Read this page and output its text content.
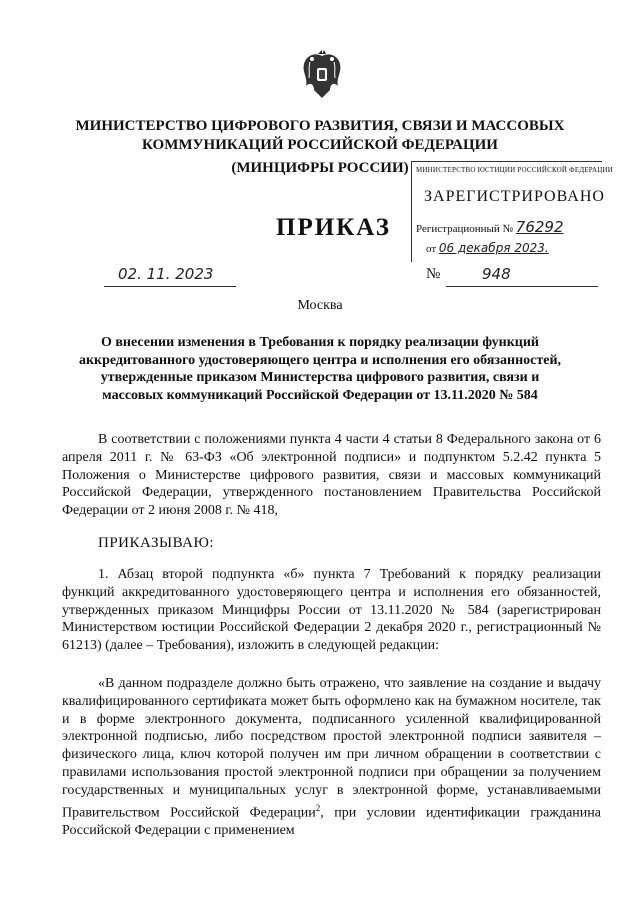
МИНИСТЕРСТВО ЦИФРОВОГО РАЗВИТИЯ, СВЯЗИ И МАССОВЫХ
КОММУНИКАЦИЙ РОССИЙСКОЙ ФЕДЕРАЦИИ
(МИНЦИФРЫ РОССИИ)	МИНИСТЕРСТВО ЮСТИЦИИ РОССИЙСКОЙ ФЕДЕРАЦИИ
ЗАРЕГИСТРИРОВАНО
Регистрационный № 76292
от 06 декабря 2023.
ПРИКАЗ
02. 11. 2023	№	948
Москва
О внесении изменения в Требования к порядку реализации функций аккредитованного удостоверяющего центра и исполнения его обязанностей, утвержденные приказом Министерства цифрового развития, связи и массовых коммуникаций Российской Федерации от 13.11.2020 № 584
В соответствии с положениями пункта 4 части 4 статьи 8 Федерального закона от 6 апреля 2011 г. № 63-ФЗ «Об электронной подписи» и подпунктом 5.2.42 пункта 5 Положения о Министерстве цифрового развития, связи и массовых коммуникаций Российской Федерации, утвержденного постановлением Правительства Российской Федерации от 2 июня 2008 г. № 418,
ПРИКАЗЫВАЮ:
1. Абзац второй подпункта «б» пункта 7 Требований к порядку реализации функций аккредитованного удостоверяющего центра и исполнения его обязанностей, утвержденных приказом Минцифры России от 13.11.2020 № 584 (зарегистрирован Министерством юстиции Российской Федерации 2 декабря 2020 г., регистрационный № 61213) (далее – Требования), изложить в следующей редакции:
«В данном подразделе должно быть отражено, что заявление на создание и выдачу квалифицированного сертификата может быть оформлено как на бумажном носителе, так и в форме электронного документа, подписанного усиленной квалифицированной электронной подписью, либо посредством простой электронной подписи заявителя – физического лица, ключ которой получен им при личном обращении в соответствии с правилами использования простой электронной подписи при обращении за получением государственных и муниципальных услуг в электронной форме, устанавливаемыми Правительством Российской Федерации$^2$, при условии идентификации гражданина Российской Федерации с применением
